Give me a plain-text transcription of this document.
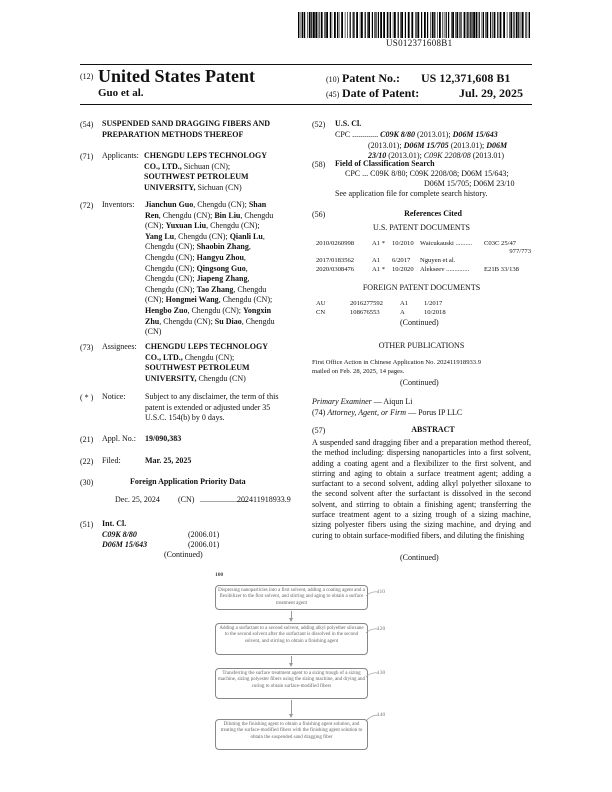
US012371608B1
(12) United States Patent
Guo et al.
(10) Patent No.: US 12,371,608 B1
(45) Date of Patent:	Jul. 29, 2025
(54)	SUSPENDED SAND DRAGGING FIBERS AND PREPARATION METHODS THEREOF
(71)	Applicants: CHENGDU LEPS TECHNOLOGY
CO., LTD., Sichuan (CN);
SOUTHWEST PETROLEUM
UNIVERSITY, Sichuan (CN)
(72)	Inventors: Jianchun Guo, Chengdu (CN); Shan
Ren, Chengdu (CN); Bin Liu, Chengdu
(CN); Yuxuan Liu, Chengdu (CN);
Yang Lu, Chengdu (CN); Qianli Lu,
Chengdu (CN); Shaobin Zhang,
Chengdu (CN); Hangyu Zhou,
Chengdu (CN); Qingsong Guo,
Chengdu (CN); Jiapeng Zhang,
Chengdu (CN); Tao Zhang, Chengdu
(CN); Hongmei Wang, Chengdu (CN);
Hengbo Zuo, Chengdu (CN); Yongxin
Zhu, Chengdu (CN); Su Diao, Chengdu
(CN)
(73)	Assignees: CHENGDU LEPS TECHNOLOGY
CO., LTD., Chengdu (CN);
SOUTHWEST PETROLEUM
UNIVERSITY, Chengdu (CN)
( * )	Notice: Subject to any disclaimer, the term of this
patent is extended or adjusted under 35
U.S.C. 154(b) by 0 days.
(21)	Appl. No.: 19/090,383
(22)	Filed:	Mar. 25, 2025
(30)	Foreign Application Priority Data
Dec. 25, 2024 (CN) ........................
202411918933.9
(51)	Int. Cl.
C09K 8/80	(2006.01)
D06M 15/643	(2006.01)
(Continued)
(52)	U.S. Cl.
CPC ............. C09K 8/80 (2013.01); D06M 15/643
(2013.01); D06M 15/705 (2013.01); D06M
23/10 (2013.01); C09K 2208/08 (2013.01)
(58)	Field of Classification Search
CPC ... C09K 8/80; C09K 2208/08; D06M 15/643;
D06M 15/705; D06M 23/10
See application file for complete search history.
(56)	References Cited
U.S. PATENT DOCUMENTS
2010/0260998	A1 * 10/2010 Waicukauski .......... C03C 25/47
977/773
2017/0183562	A1 6/2017 Nguyen et al.
2020/0308476	A1 * 10/2020 Alekseev .............. E21B 33/138
FOREIGN PATENT DOCUMENTS
AU	2016277592	A1 1/2017
CN	108676553	A	10/2018
(Continued)
OTHER PUBLICATIONS
First Office Action in Chinese Application No. 202411918933.9
mailed on Feb. 28, 2025, 14 pages.
(Continued)
Primary Examiner — Aiqun Li
(74) Attorney, Agent, or Firm — Porus IP LLC
(57)	ABSTRACT
A suspended sand dragging fiber and a preparation method thereof, the method including: dispersing nanoparticles into a first solvent, adding a coating agent and a flexibilizer to the first solvent, and stirring and aging to obtain a surface treatment agent; adding a surfactant to a second solvent, adding alkyl polyether siloxane to the second solvent after the surfactant is dissolved in the second solvent, and stirring to obtain a finishing agent; transferring the surface treatment agent to a sizing trough of a sizing machine, sizing polyester fibers using the sizing machine, and drying and curing to obtain surface-modified fibers, and diluting the finishing
(Continued)
100
Dispersing nanoparticles into a first solvent, adding a coating agent and a flexibilizer to the first solvent, and stirring and aging to obtain a surface treatment agent
110
Adding a surfactant to a second solvent, adding alkyl polyether siloxane to the second solvent after the surfactant is dissolved in the second solvent, and stirring to obtain a finishing agent
120
Transferring the surface treatment agent to a sizing trough of a sizing machine, sizing polyester fibers using the sizing machine, and drying and curing to obtain surface-modified fibers
130
Diluting the finishing agent to obtain a finishing agent solution, and treating the surface-modified fibers with the finishing agent solution to obtain the suspended sand dragging fiber
140
